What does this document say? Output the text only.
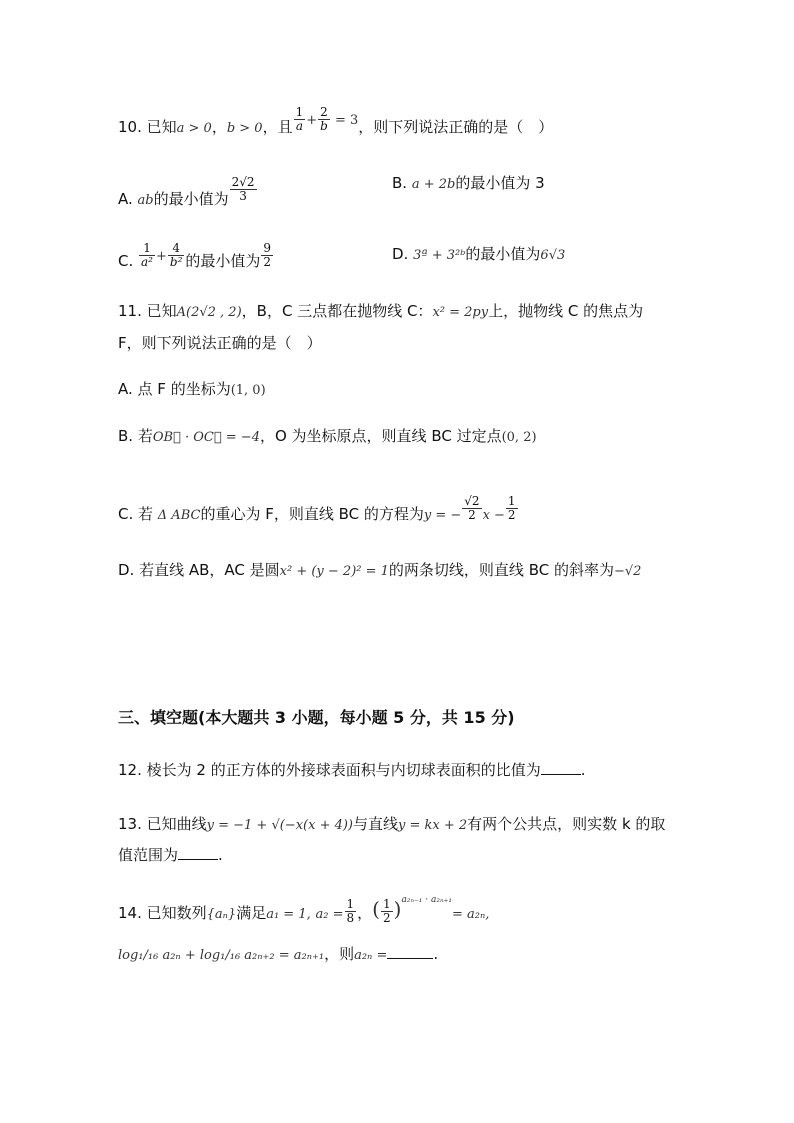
10. 已知a > 0，b > 0，且 $\frac{1}{a} + \frac{2}{b} = 3$，则下列说法正确的是（　）
A. ab的最小值为 $\frac{2√2}{3}$	B. a + 2b的最小值为 3
C. $\frac{1}{\text{a²}} + \frac{4}{\text{b²}}$ 的最小值为 $\frac{9}{2}$	D. 3ª + 3²ᵇ的最小值为6√3
11. 已知A(2√2 , 2)，B，C 三点都在抛物线 C：x² = 2py上，抛物线 C 的焦点为
F，则下列说法正确的是（　）
A. 点 F 的坐标为(1, 0)
B. 若OB⃗ · OC⃗ = −4，O 为坐标原点，则直线 BC 过定点(0, 2)
C. 若 Δ ABC的重心为 F，则直线 BC 的方程为y = − $\frac{√2}{2}$ $x - \frac{1}{2}$
D. 若直线 AB，AC 是圆x² + (y − 2)² = 1的两条切线，则直线 BC 的斜率为−√2
三、填空题(本大题共 3 小题，每小题 5 分，共 15 分)
12. 棱长为 2 的正方体的外接球表面积与内切球表面积的比值为	.
13. 已知曲线y = −1 + √(−x(x + 4))与直线y = kx + 2有两个公共点，则实数 k 的取
值范围为	.
14. 已知数列{aₙ}满足a₁ = 1, $a_2 = \frac{1}{8}$ ，( $\frac{1}{2} )^{a_{2n-1} \cdot a_{2n+1}}= a_{2n}$,
log₁/₁₆ a₂ₙ + log₁/₁₆ a₂ₙ₊₂ = a₂ₙ₊₁，则a₂ₙ =	.
